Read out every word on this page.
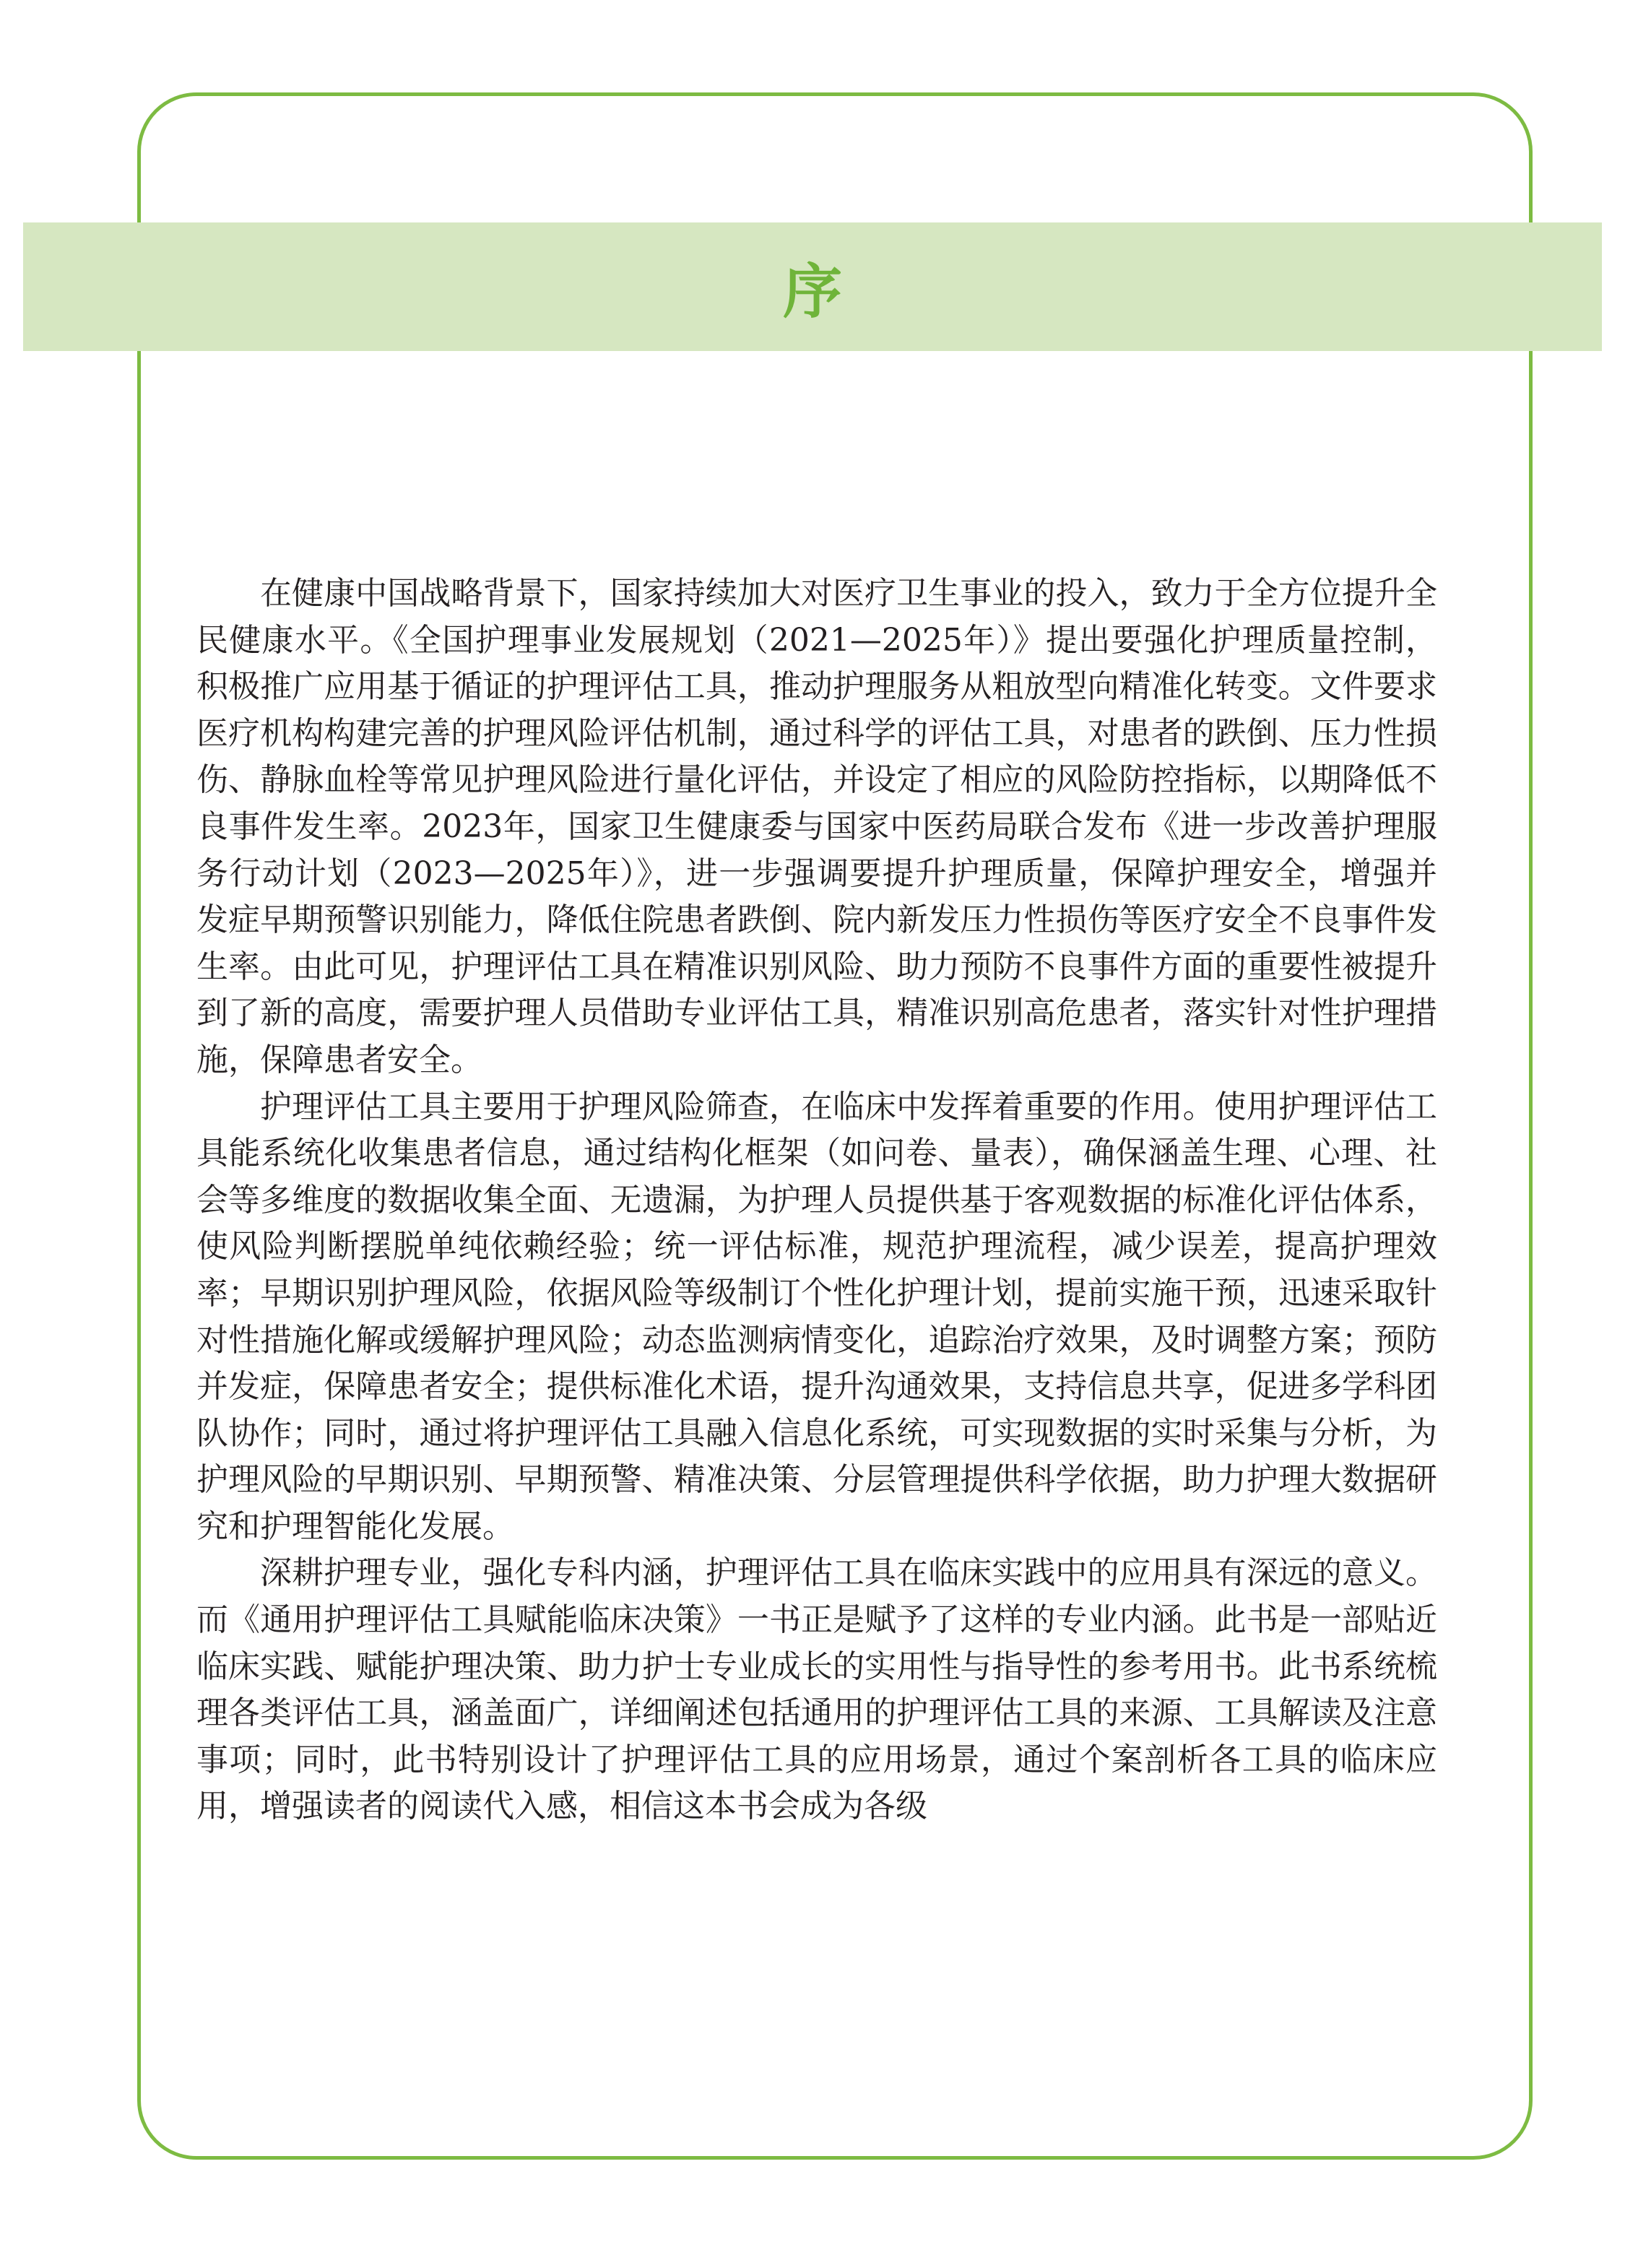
序

在健康中国战略背景下，国家持续加大对医疗卫生事业的投入，致力于全方位提升全民健康水平。《全国护理事业发展规划（2021—2025年）》提出要强化护理质量控制，积极推广应用基于循证的护理评估工具，推动护理服务从粗放型向精准化转变。文件要求医疗机构构建完善的护理风险评估机制，通过科学的评估工具，对患者的跌倒、压力性损伤、静脉血栓等常见护理风险进行量化评估，并设定了相应的风险防控指标，以期降低不良事件发生率。2023年，国家卫生健康委与国家中医药局联合发布《进一步改善护理服务行动计划（2023—2025年）》，进一步强调要提升护理质量，保障护理安全，增强并发症早期预警识别能力，降低住院患者跌倒、院内新发压力性损伤等医疗安全不良事件发生率。由此可见，护理评估工具在精准识别风险、助力预防不良事件方面的重要性被提升到了新的高度，需要护理人员借助专业评估工具，精准识别高危患者，落实针对性护理措施，保障患者安全。

护理评估工具主要用于护理风险筛查，在临床中发挥着重要的作用。使用护理评估工具能系统化收集患者信息，通过结构化框架（如问卷、量表），确保涵盖生理、心理、社会等多维度的数据收集全面、无遗漏，为护理人员提供基于客观数据的标准化评估体系，使风险判断摆脱单纯依赖经验；统一评估标准，规范护理流程，减少误差，提高护理效率；早期识别护理风险，依据风险等级制订个性化护理计划，提前实施干预，迅速采取针对性措施化解或缓解护理风险；动态监测病情变化，追踪治疗效果，及时调整方案；预防并发症，保障患者安全；提供标准化术语，提升沟通效果，支持信息共享，促进多学科团队协作；同时，通过将护理评估工具融入信息化系统，可实现数据的实时采集与分析，为护理风险的早期识别、早期预警、精准决策、分层管理提供科学依据，助力护理大数据研究和护理智能化发展。

深耕护理专业，强化专科内涵，护理评估工具在临床实践中的应用具有深远的意义。而《通用护理评估工具赋能临床决策》一书正是赋予了这样的专业内涵。此书是一部贴近临床实践、赋能护理决策、助力护士专业成长的实用性与指导性的参考用书。此书系统梳理各类评估工具，涵盖面广，详细阐述包括通用的护理评估工具的来源、工具解读及注意事项；同时，此书特别设计了护理评估工具的应用场景，通过个案剖析各工具的临床应用，增强读者的阅读代入感，相信这本书会成为各级
